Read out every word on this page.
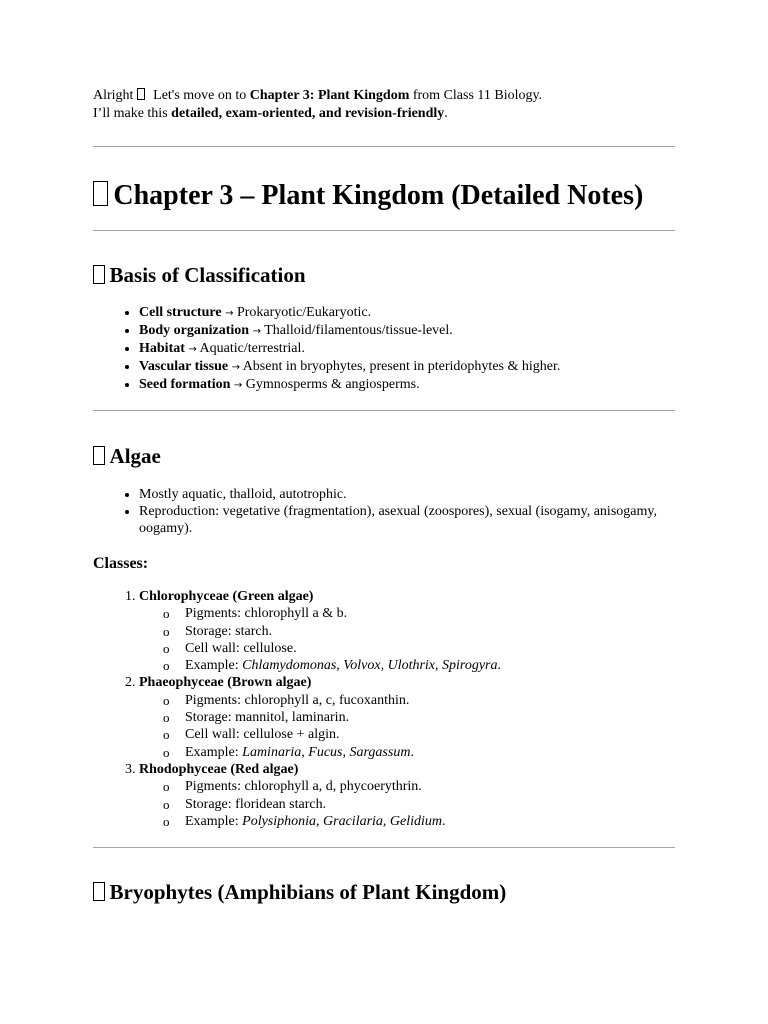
Alright  Let's move on to Chapter 3: Plant Kingdom from Class 11 Biology.

I’ll make this detailed, exam-oriented, and revision-friendly.

Chapter 3 – Plant Kingdom (Detailed Notes)
Basis of Classification
• Cell structure → Prokaryotic/Eukaryotic.
• Body organization → Thalloid/filamentous/tissue-level.
• Habitat → Aquatic/terrestrial.
• Vascular tissue → Absent in bryophytes, present in pteridophytes & higher.
• Seed formation → Gymnosperms & angiosperms.
Algae
• Mostly aquatic, thalloid, autotrophic.
• Reproduction: vegetative (fragmentation), asexual (zoospores), sexual (isogamy, anisogamy, oogamy).
Classes:
1. Chlorophyceae (Green algae)
o Pigments: chlorophyll a & b.
o Storage: starch.
o Cell wall: cellulose.
o Example: Chlamydomonas, Volvox, Ulothrix, Spirogyra.
2. Phaeophyceae (Brown algae)
o Pigments: chlorophyll a, c, fucoxanthin.
o Storage: mannitol, laminarin.
o Cell wall: cellulose + algin.
o Example: Laminaria, Fucus, Sargassum.
3. Rhodophyceae (Red algae)
o Pigments: chlorophyll a, d, phycoerythrin.
o Storage: floridean starch.
o Example: Polysiphonia, Gracilaria, Gelidium.
Bryophytes (Amphibians of Plant Kingdom)
